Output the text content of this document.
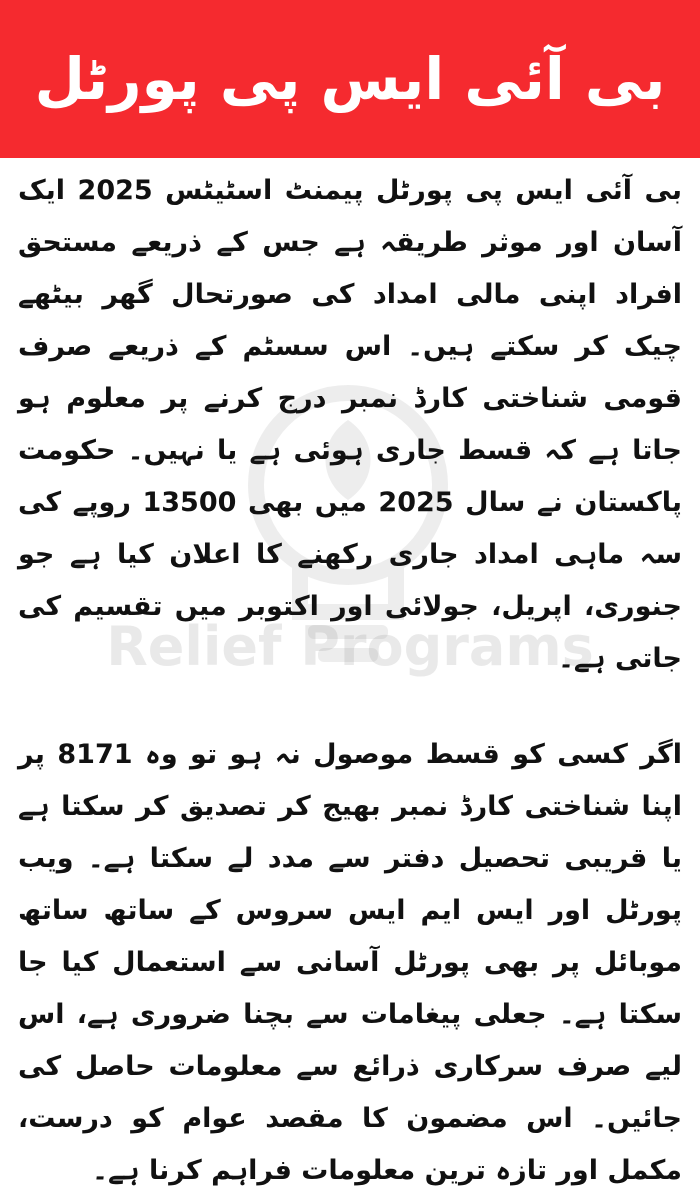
بی آئی ایس پی پورٹل
Relief Programs

بی آئی ایس پی پورٹل پیمنٹ اسٹیٹس 2025 ایک آسان اور موثر طریقہ ہے جس کے ذریعے مستحق افراد اپنی مالی امداد کی صورتحال گھر بیٹھے چیک کر سکتے ہیں۔ اس سسٹم کے ذریعے صرف قومی شناختی کارڈ نمبر درج کرنے پر معلوم ہو جاتا ہے کہ قسط جاری ہوئی ہے یا نہیں۔ حکومت پاکستان نے سال 2025 میں بھی 13500 روپے کی سہ ماہی امداد جاری رکھنے کا اعلان کیا ہے جو جنوری، اپریل، جولائی اور اکتوبر میں تقسیم کی جاتی ہے۔

اگر کسی کو قسط موصول نہ ہو تو وہ 8171 پر اپنا شناختی کارڈ نمبر بھیج کر تصدیق کر سکتا ہے یا قریبی تحصیل دفتر سے مدد لے سکتا ہے۔ ویب پورٹل اور ایس ایم ایس سروس کے ساتھ ساتھ موبائل پر بھی پورٹل آسانی سے استعمال کیا جا سکتا ہے۔ جعلی پیغامات سے بچنا ضروری ہے، اس لیے صرف سرکاری ذرائع سے معلومات حاصل کی جائیں۔ اس مضمون کا مقصد عوام کو درست، مکمل اور تازہ ترین معلومات فراہم کرنا ہے۔
